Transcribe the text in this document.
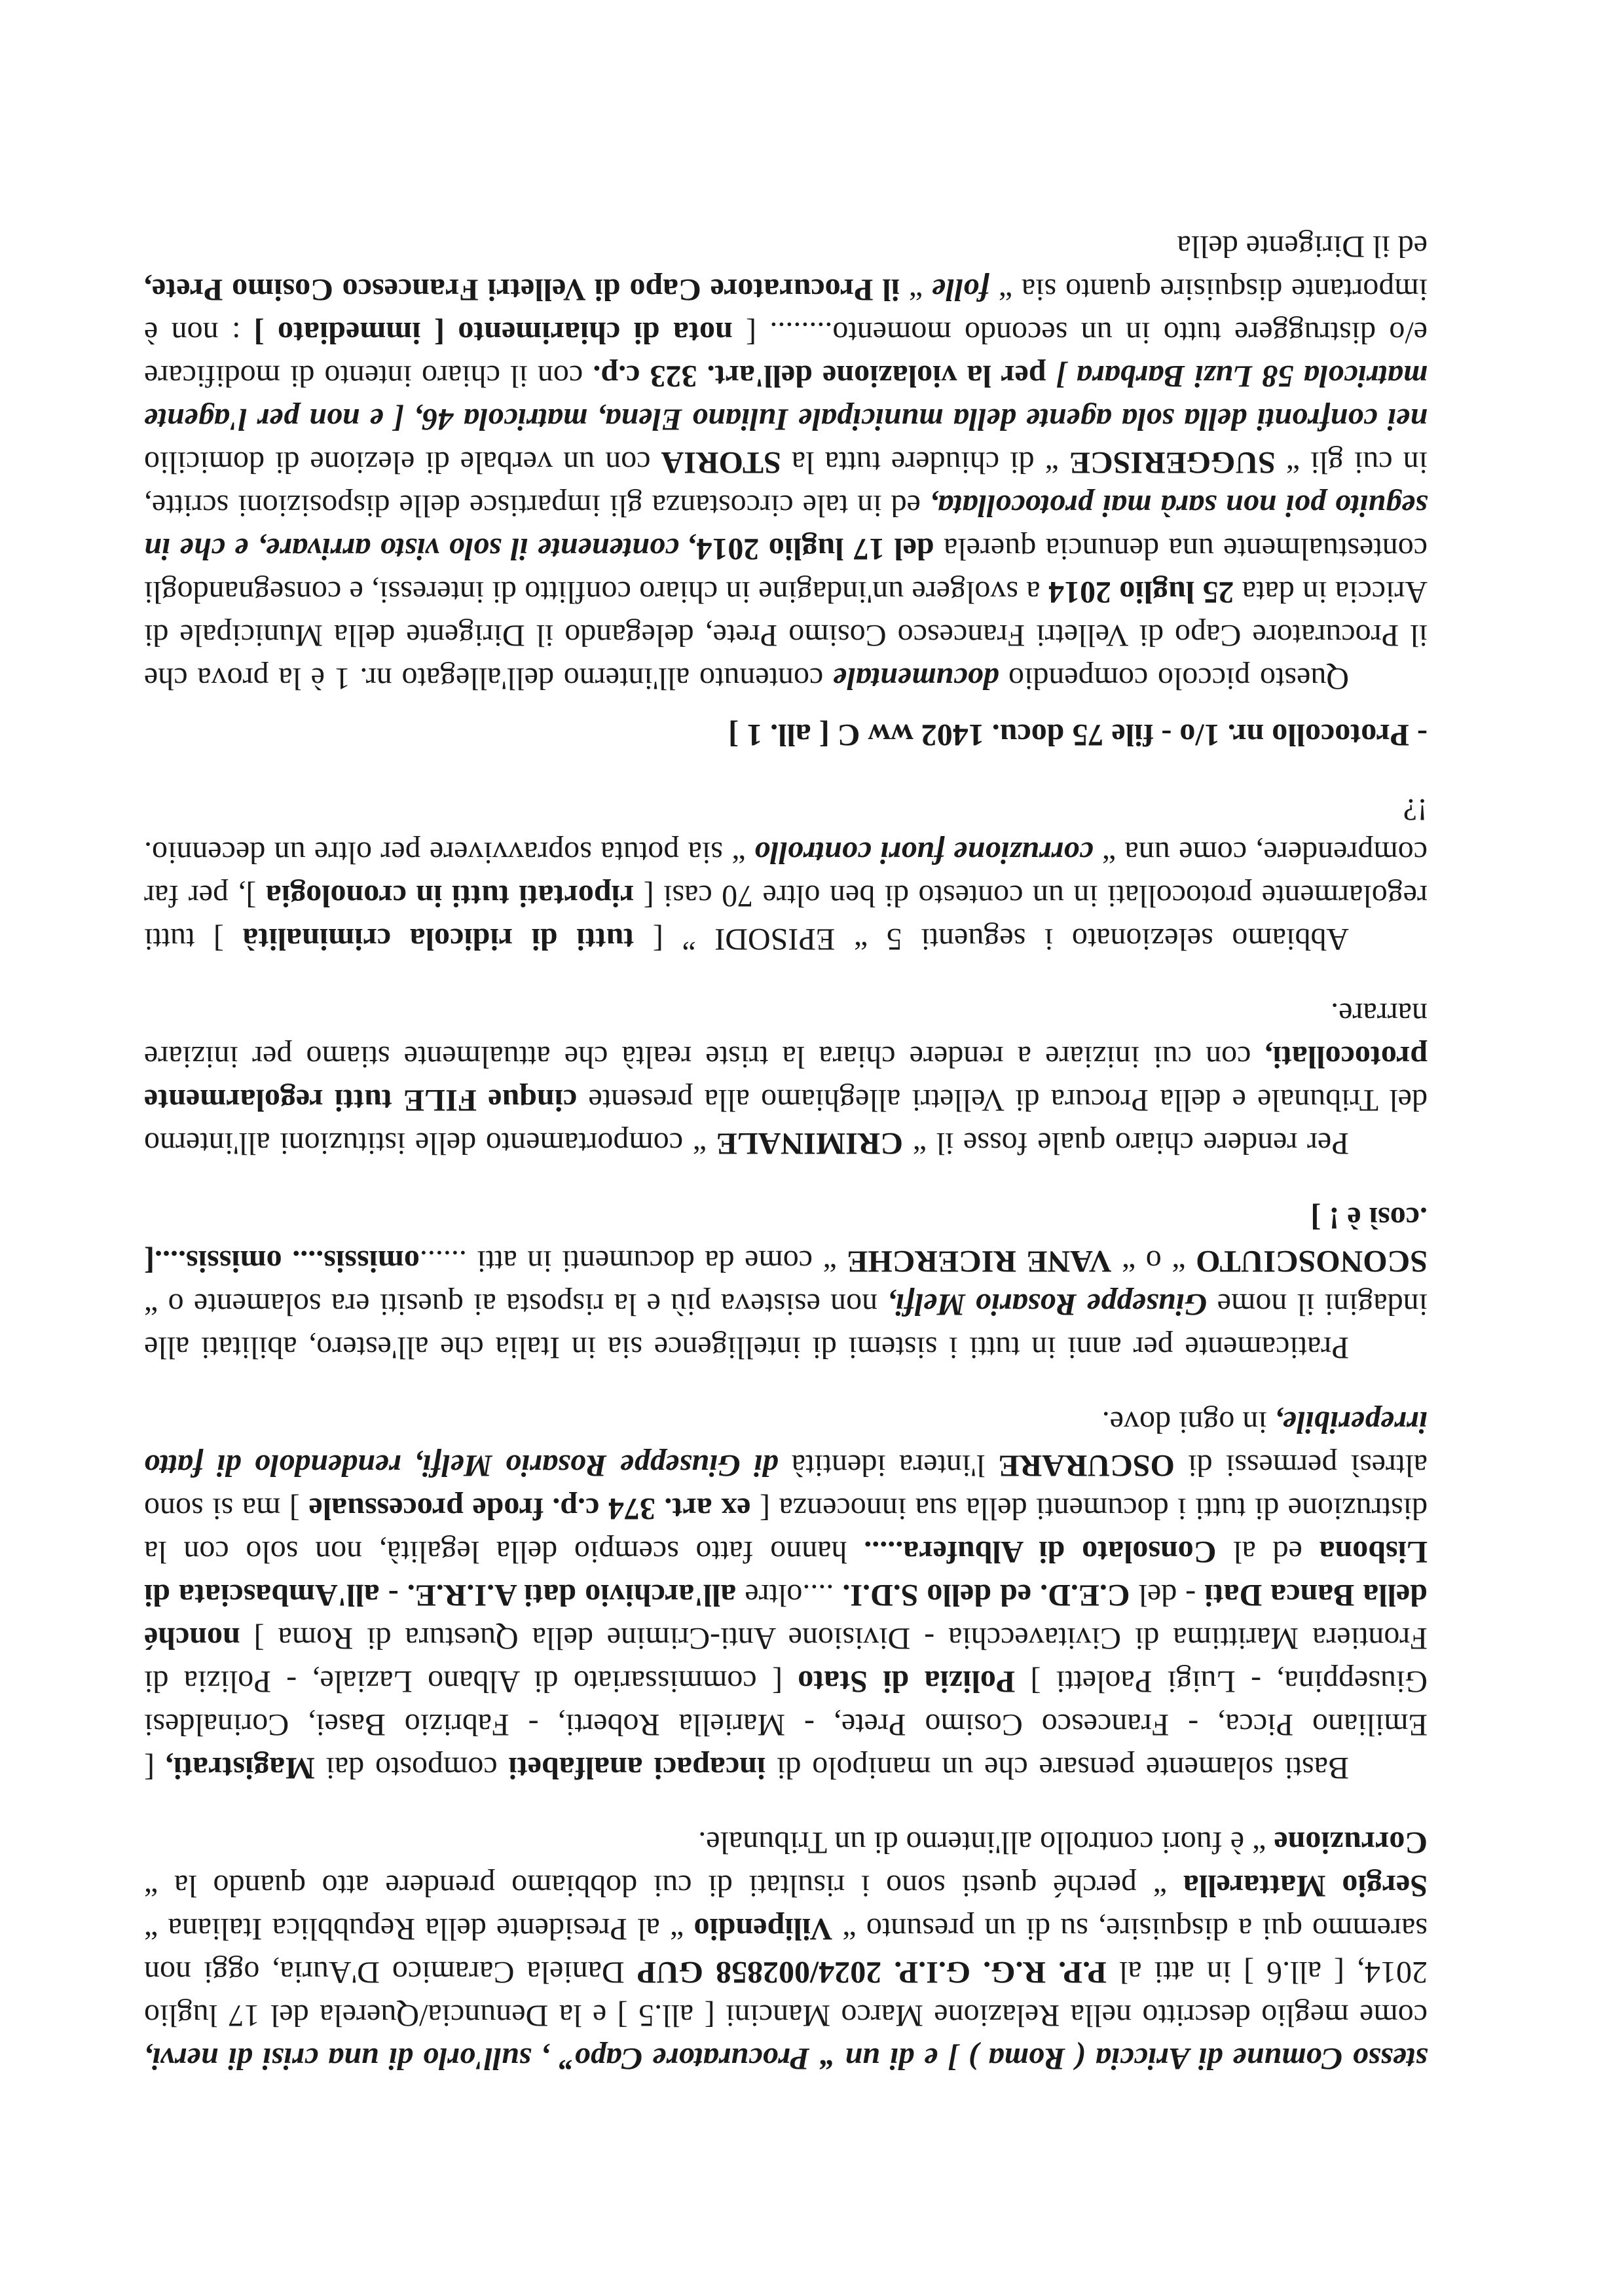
stesso Comune di Ariccia ( Roma ) ] e di un “ Procuratore Capo” , sull'orlo di una crisi di nervi, come meglio descritto nella Relazione Marco Mancini [ all.5 ] e la Denuncia/Querela del 17 luglio 2014, [ all.6 ] in atti al P.P. R.G. G.I.P. 2024/002858 GUP Daniela Caramico D'Auria, oggi non saremmo qui a disquisire, su di un presunto “ Vilipendio “ al Presidente della Repubblica Italiana “ Sergio Mattarella “ perché questi sono i risultati di cui dobbiamo prendere atto quando la “ Corruzione “ è fuori controllo all'interno di un Tribunale.

Basti solamente pensare che un manipolo di incapaci analfabeti composto dai Magistrati, [ Emiliano Picca, - Francesco Cosimo Prete, - Mariella Roberti, - Fabrizio Basei, Corinaldesi Giuseppina, - Luigi Paoletti ] Polizia di Stato [ commissariato di Albano Laziale, - Polizia di Frontiera Marittima di Civitavecchia - Divisione Anti-Crimine della Questura di Roma ] nonché della Banca Dati - del C.E.D. ed dello S.D.I. ....oltre all'archivio dati A.I.R.E. - all'Ambasciata di Lisbona ed al Consolato di Albufera..... hanno fatto scempio della legalità, non solo con la distruzione di tutti i documenti della sua innocenza [ ex art. 374 c.p. frode processuale ] ma si sono altresì permessi di OSCURARE l'intera identità di Giuseppe Rosario Melfi, rendendolo di fatto irreperibile, in ogni dove.

Praticamente per anni in tutti i sistemi di intelligence sia in Italia che all'estero, abilitati alle indagini il nome Giuseppe Rosario Melfi, non esisteva più e la risposta ai quesiti era solamente o “ SCONOSCIUTO “ o “ VANE RICERCHE “ come da documenti in atti ......omissis.... omissis....[ .così è ! ]

Per rendere chiaro quale fosse il “ CRIMINALE “ comportamento delle istituzioni all'interno del Tribunale e della Procura di Velletri alleghiamo alla presente cinque FILE tutti regolarmente protocollati, con cui iniziare a rendere chiara la triste realtà che attualmente stiamo per iniziare narrare.

Abbiamo selezionato i seguenti 5 “ EPISODI ” [ tutti di ridicola criminalità ] tutti regolarmente protocollati in un contesto di ben oltre 70 casi [ riportati tutti in cronologia ], per far comprendere, come una “ corruzione fuori controllo “ sia potuta sopravvivere per oltre un decennio. !?

- Protocollo nr. 1/o - file 75 docu. 1402 ww C [ all. 1 ]

Questo piccolo compendio documentale contenuto all'interno dell'allegato nr. 1 è la prova che il Procuratore Capo di Velletri Francesco Cosimo Prete, delegando il Dirigente della Municipale di Ariccia in data 25 luglio 2014 a svolgere un'indagine in chiaro conflitto di interessi, e consegnandogli contestualmente una denuncia querela del 17 luglio 2014, contenente il solo visto arrivare, e che in seguito poi non sarà mai protocollata, ed in tale circostanza gli impartisce delle disposizioni scritte, in cui gli “ SUGGERISCE “ di chiudere tutta la STORIA con un verbale di elezione di domicilio nei confronti della sola agente della municipale Iuliano Elena, matricola 46, [ e non per l'agente matricola 58 Luzi Barbara ] per la violazione dell'art. 323 c.p. con il chiaro intento di modificare e/o distruggere tutto in un secondo momento........ [ nota di chiarimento [ immediato ] : non è importante disquisire quanto sia “ folle “ il Procuratore Capo di Velletri Francesco Cosimo Prete, ed il Dirigente della
